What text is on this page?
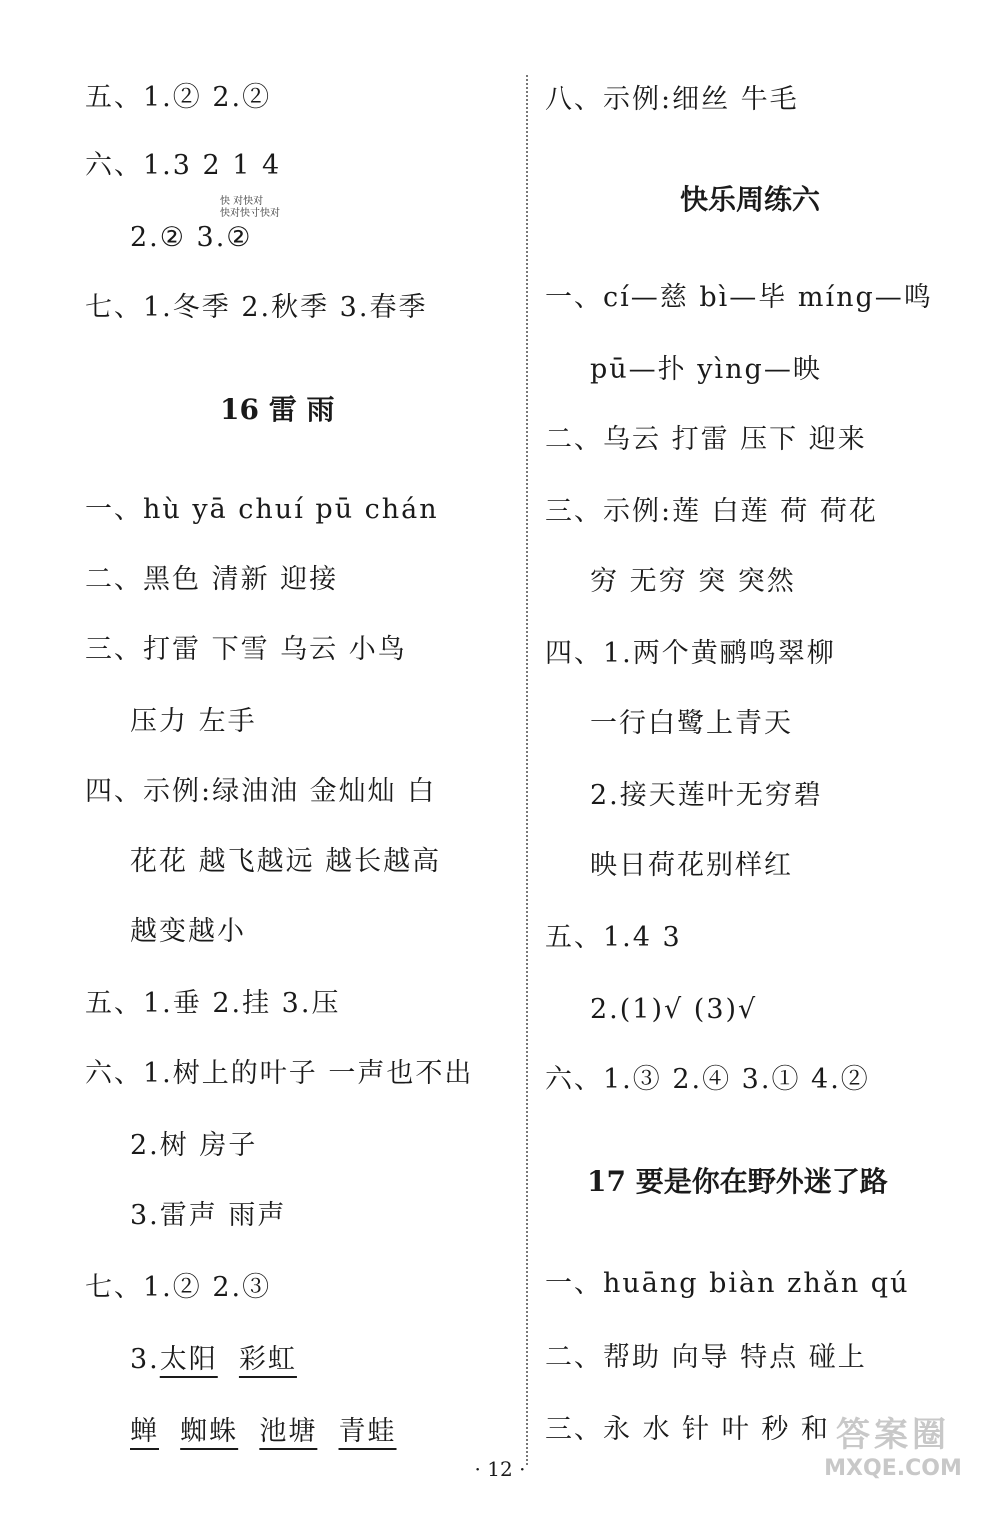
五、1.② 2.②
六、1.3 2 1 4
快 对快对
快对快寸快对
2.② 3.②
七、1.冬季 2.秋季 3.春季
16 雷 雨
一、hù yā chuí pū chán
二、黑色 清新 迎接
三、打雷 下雪 乌云 小鸟
压力 左手
四、示例:绿油油 金灿灿 白
花花 越飞越远 越长越高
越变越小
五、1.垂 2.挂 3.压
六、1.树上的叶子 一声也不出
2.树 房子
3.雷声 雨声
七、1.② 2.③
3.太阳 彩虹
蝉 蜘蛛 池塘 青蛙
八、示例:细丝 牛毛
快乐周练六
一、cí—慈 bì—毕 míng—鸣
pū—扑 yìng—映
二、乌云 打雷 压下 迎来
三、示例:莲 白莲 荷 荷花
穷 无穷 突 突然
四、1.两个黄鹂鸣翠柳
一行白鹭上青天
2.接天莲叶无穷碧
映日荷花别样红
五、1.4 3
2.(1)√ (3)√
六、1.③ 2.④ 3.① 4.②
17 要是你在野外迷了路
一、huāng biàn zhǎn qú
二、帮助 向导 特点 碰上
三、永 水 针 叶 秒 和
· 12 ·
答案圈
MXQE.COM
